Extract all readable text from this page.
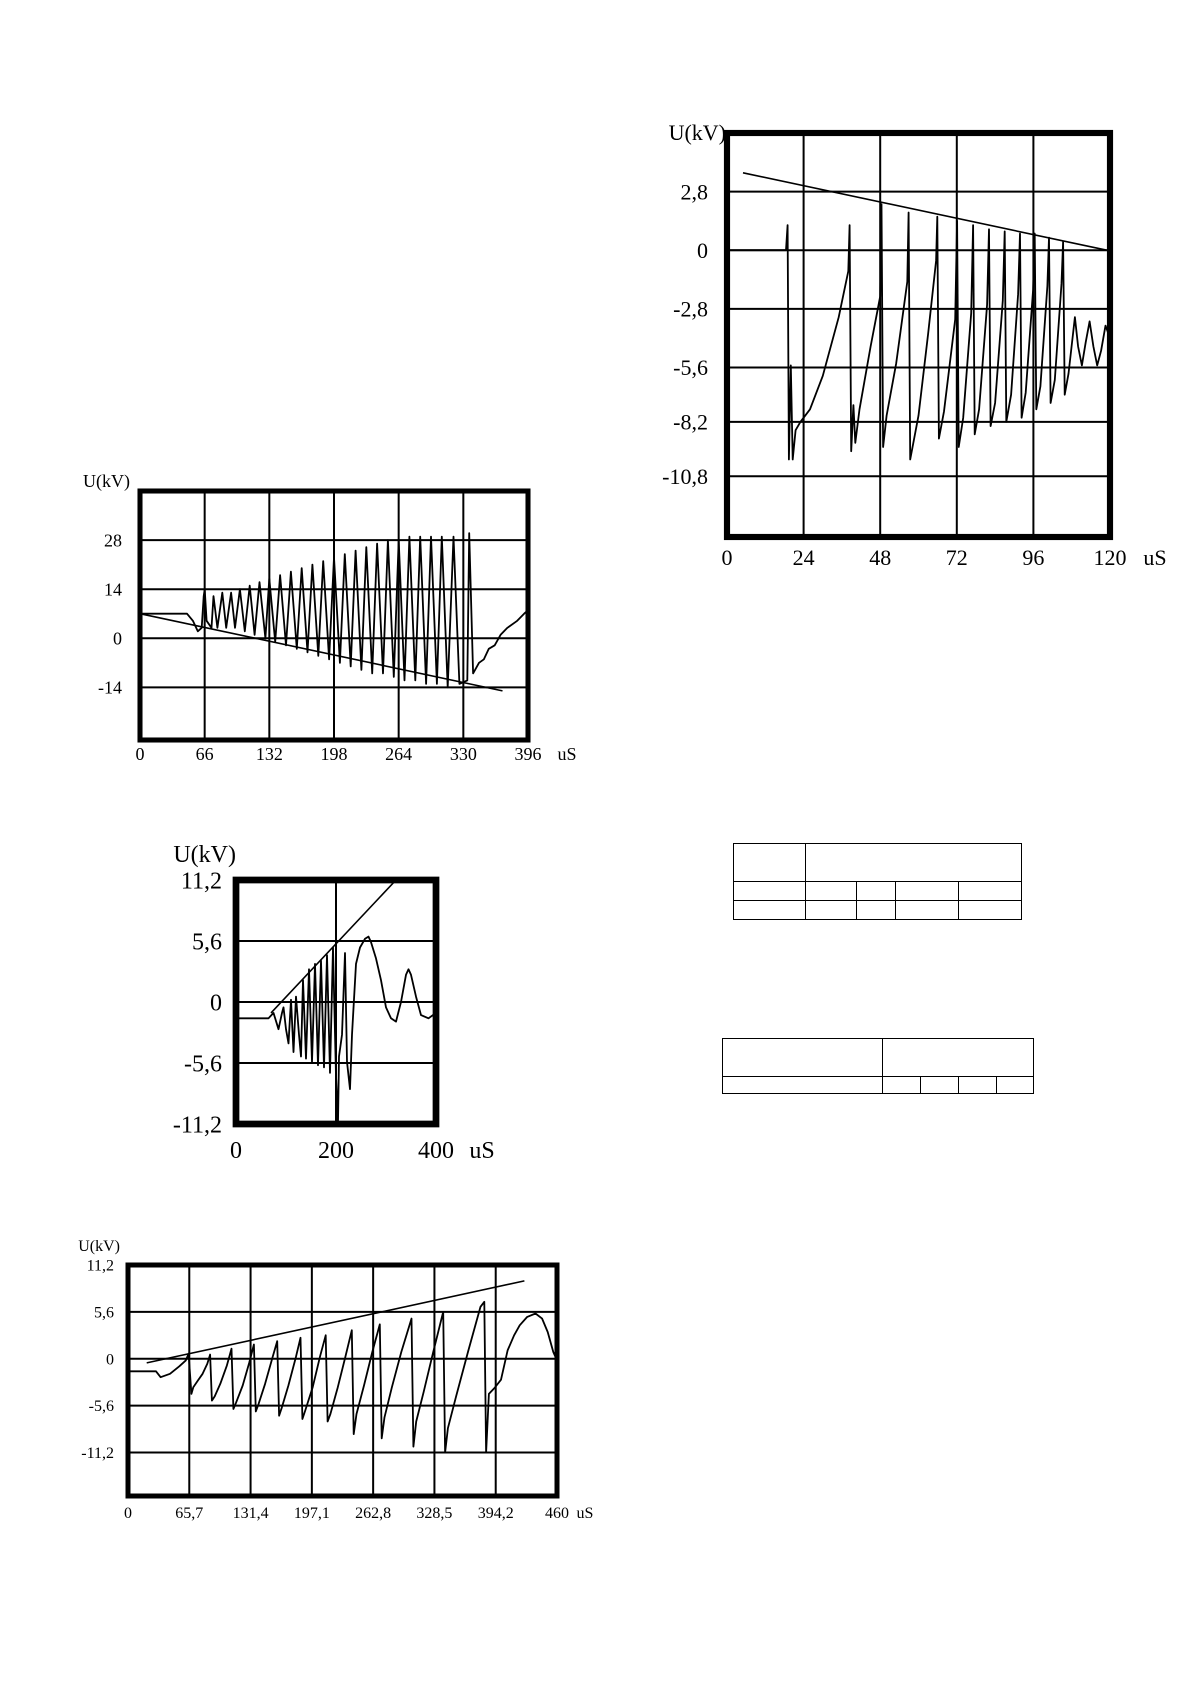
0	24 48 72 96 120
2,8
0
-2,8
-5,6
-8,2
-10,8
U(kV)
uS
0	66 132 198 264 330 396
28
14
0
-14
U(kV)
uS
0	200	400
11,2
5,6
0
-5,6
-11,2
U(kV)
uS
0	65,7 131,4 197,1 262,8 328,5 394,2 460
11,2
5,6
0
-5,6
-11,2
U(kV)
uS
